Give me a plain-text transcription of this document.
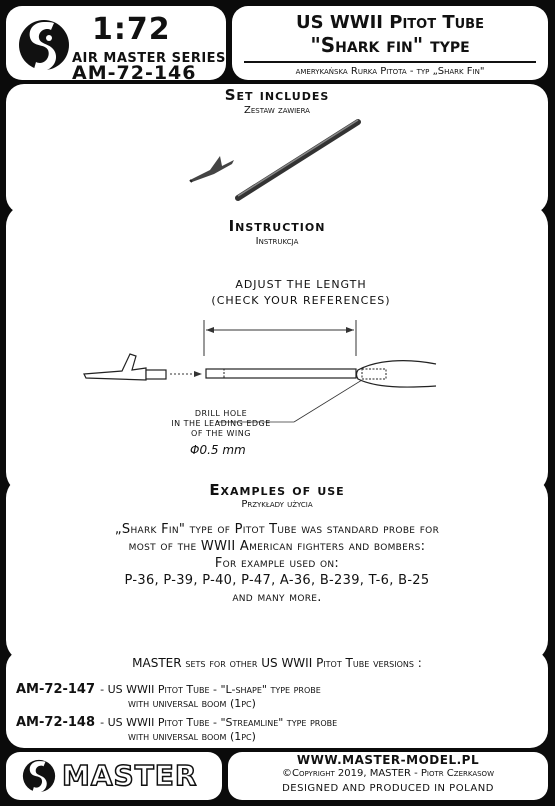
1:72
AIR MASTER SERIES
AM-72-146
US WWII Pitot Tube
"Shark fin" type
amerykańska Rurka Pitota - typ „Shark Fin"
Set includes
Zestaw zawiera
Instruction
Instrukcja
ADJUST THE LENGTH
(CHECK YOUR REFERENCES)
DRILL HOLE
IN THE LEADING EDGE
OF THE WING
Φ0.5 mm
Examples of use
Przykłady użycia
„Shark Fin" type of Pitot Tube was standard probe for
most of the WWII American fighters and bombers:
For example used on:
P-36, P-39, P-40, P-47, A-36, B-239, T-6, B-25
and many more.
MASTER sets for other US WWII Pitot Tube versions :
AM-72-147 - US WWII Pitot Tube - "L-shape" type probe
with universal boom (1pc)
AM-72-148 - US WWII Pitot Tube - "Streamline" type probe
with universal boom (1pc)
MASTER	WWW.MASTER-MODEL.PL
©Copyright 2019, MASTER - Piotr Czerkasow
DESIGNED AND PRODUCED IN POLAND
